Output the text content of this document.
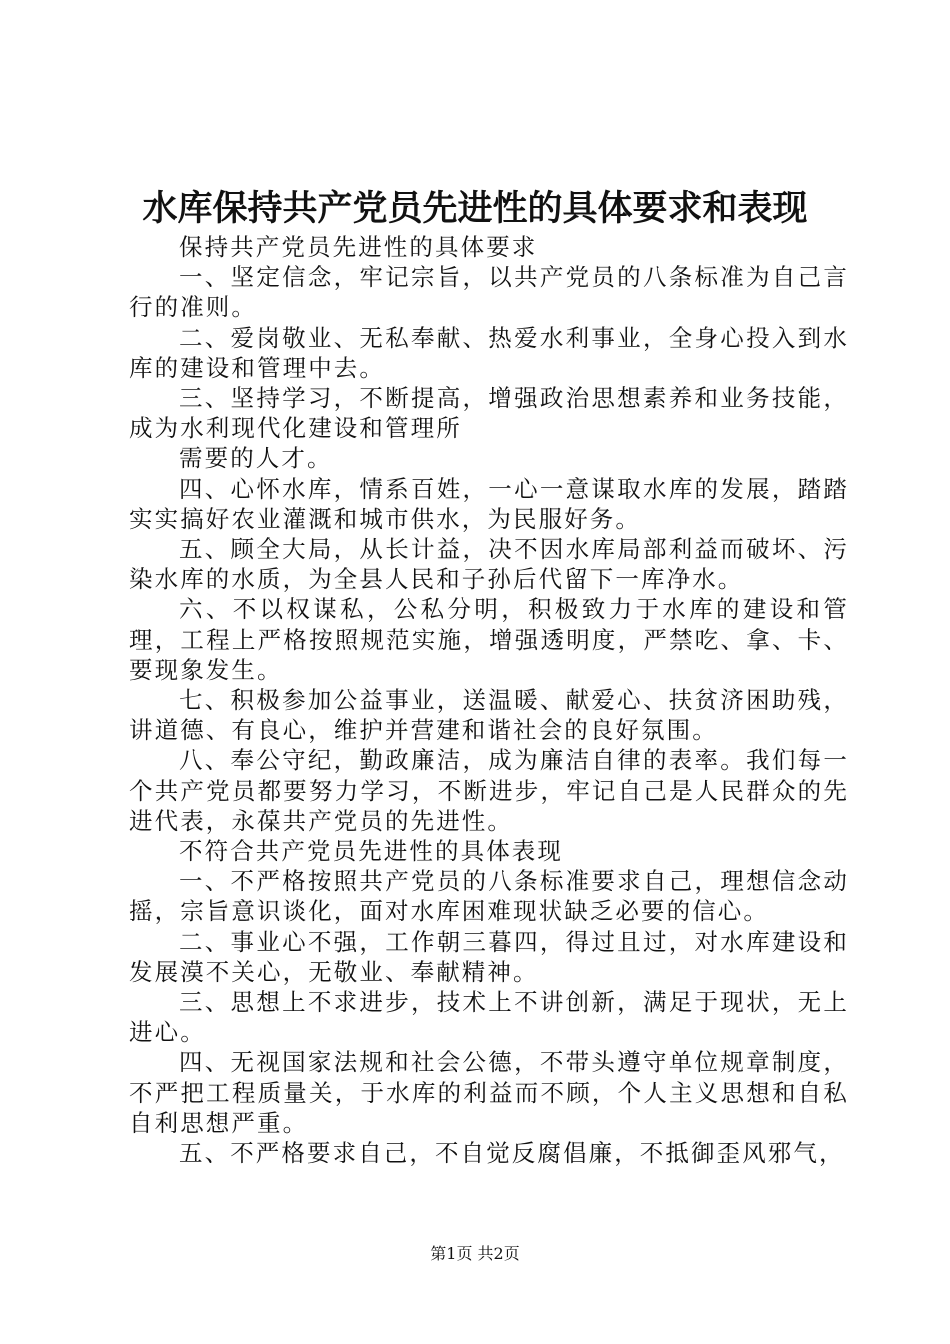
水库保持共产党员先进性的具体要求和表现

保持共产党员先进性的具体要求

一、坚定信念，牢记宗旨，以共产党员的八条标准为自己言行的准则。

二、爱岗敬业、无私奉献、热爱水利事业，全身心投入到水库的建设和管理中去。

三、坚持学习，不断提高，增强政治思想素养和业务技能，成为水利现代化建设和管理所

需要的人才。

四、心怀水库，情系百姓，一心一意谋取水库的发展，踏踏实实搞好农业灌溉和城市供水，为民服好务。

五、顾全大局，从长计益，决不因水库局部利益而破坏、污染水库的水质，为全县人民和子孙后代留下一库净水。

六、不以权谋私，公私分明，积极致力于水库的建设和管理，工程上严格按照规范实施，增强透明度，严禁吃、拿、卡、要现象发生。

七、积极参加公益事业，送温暖、献爱心、扶贫济困助残，讲道德、有良心，维护并营建和谐社会的良好氛围。

八、奉公守纪，勤政廉洁，成为廉洁自律的表率。我们每一个共产党员都要努力学习，不断进步，牢记自己是人民群众的先进代表，永葆共产党员的先进性。

不符合共产党员先进性的具体表现

一、不严格按照共产党员的八条标准要求自己，理想信念动摇，宗旨意识谈化，面对水库困难现状缺乏必要的信心。

二、事业心不强，工作朝三暮四，得过且过，对水库建设和发展漠不关心，无敬业、奉献精神。

三、思想上不求进步，技术上不讲创新，满足于现状，无上进心。

四、无视国家法规和社会公德，不带头遵守单位规章制度，不严把工程质量关，于水库的利益而不顾，个人主义思想和自私自利思想严重。

五、不严格要求自己，不自觉反腐倡廉，不抵御歪风邪气，

第1页 共2页
